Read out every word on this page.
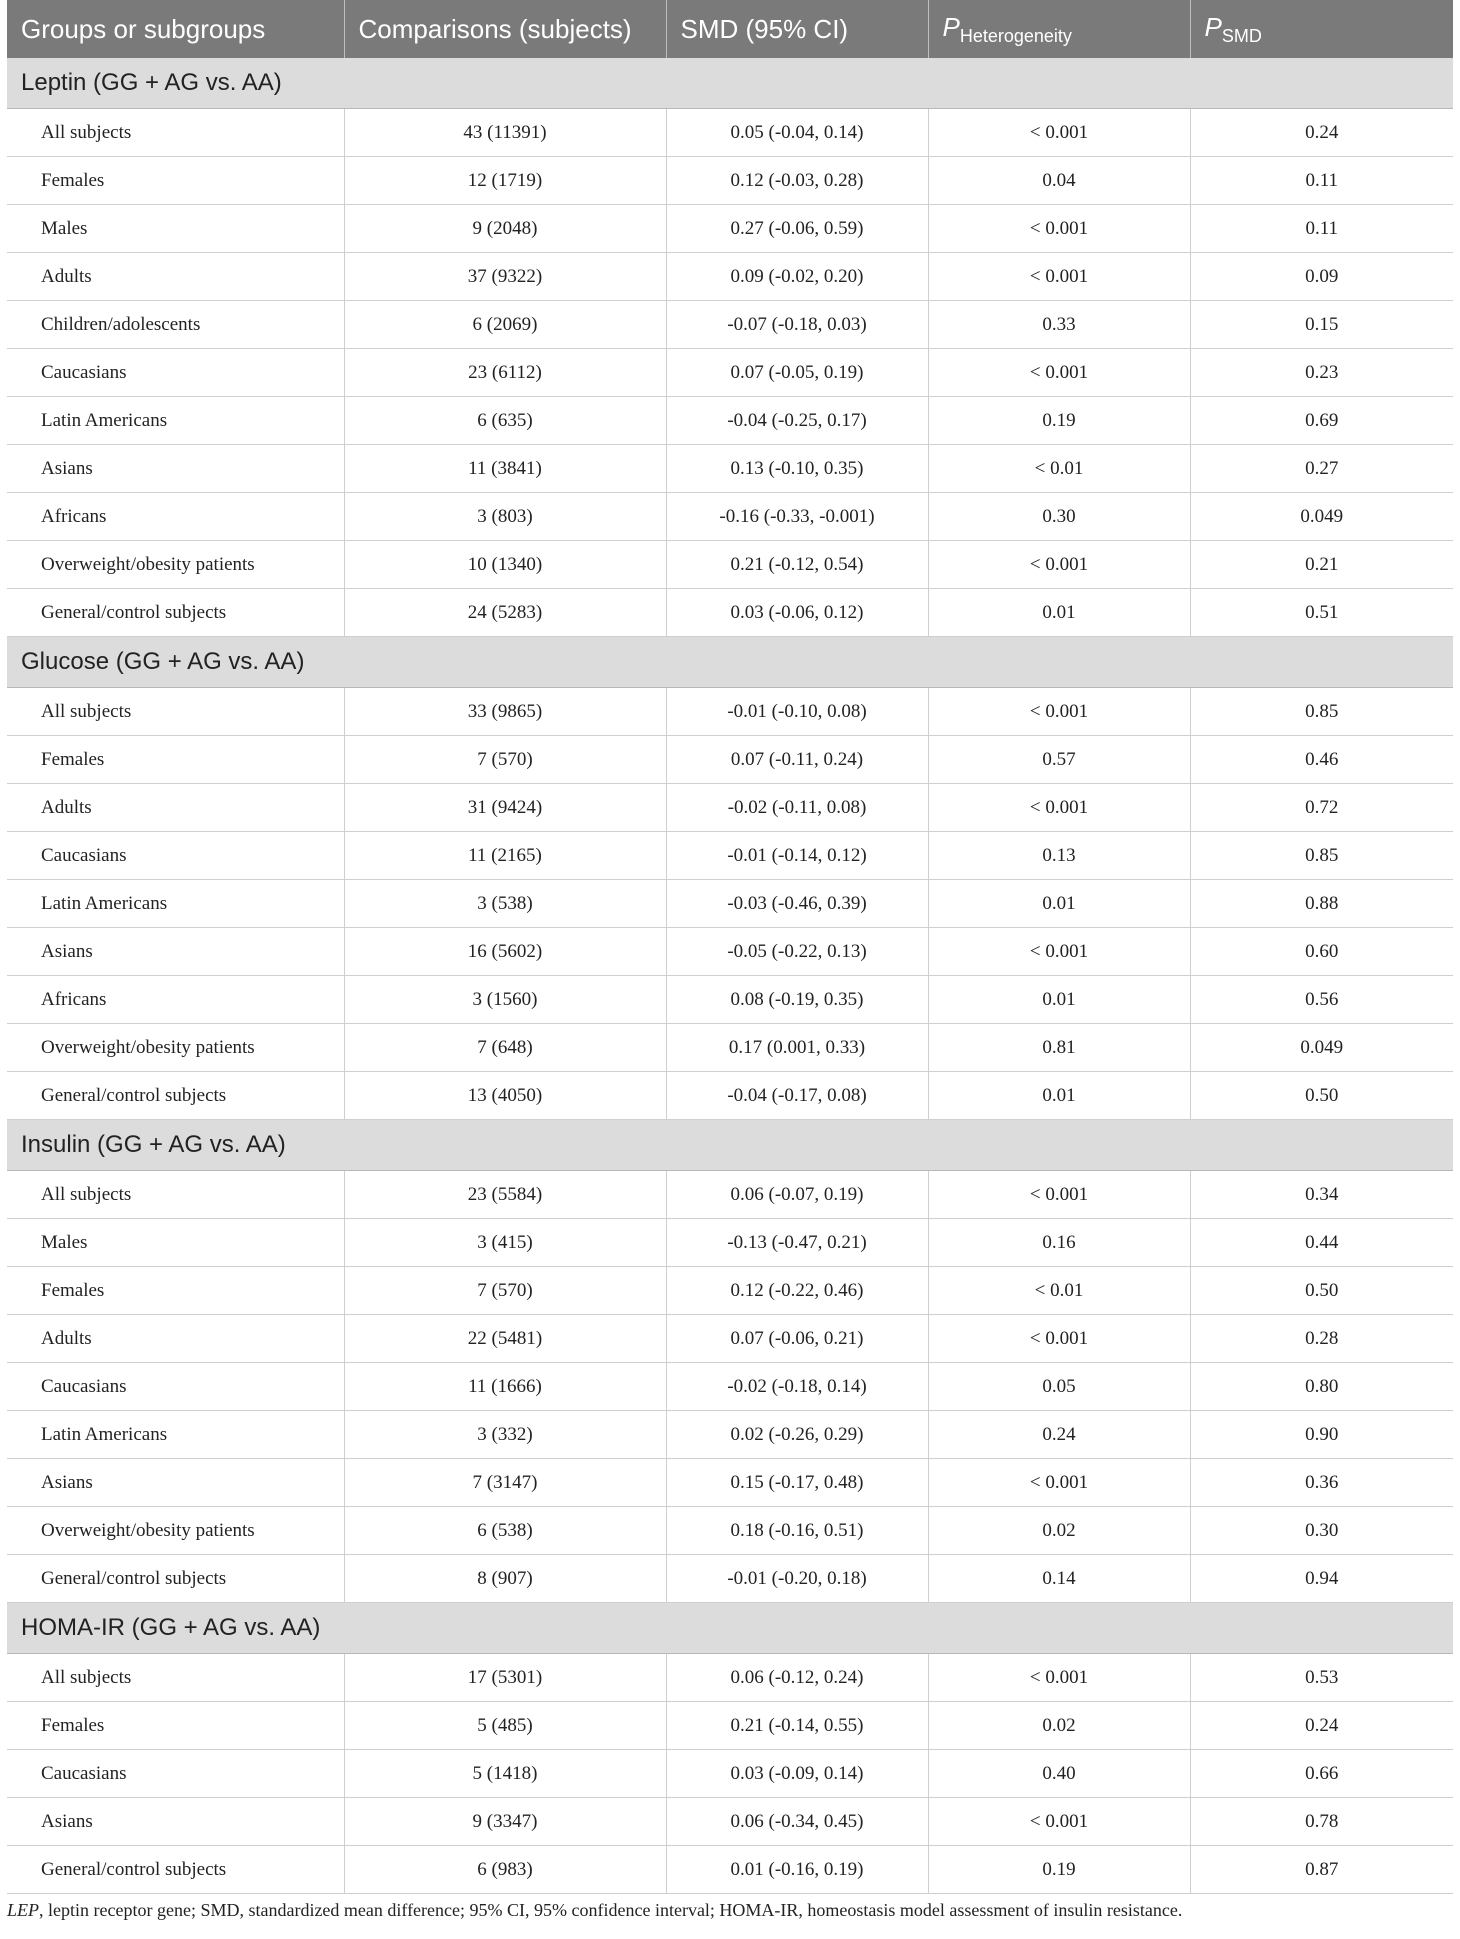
Groups or subgroups	Comparisons (subjects)	SMD (95% CI)	$P_{Heterogeneity}$	$P_{SMD}$
Leptin (GG + AG vs. AA)				
All subjects	43 (11391)	0.05 (-0.04, 0.14)	< 0.001	0.24
Females	12 (1719)	0.12 (-0.03, 0.28)	0.04	0.11
Males	9 (2048)	0.27 (-0.06, 0.59)	< 0.001	0.11
Adults	37 (9322)	0.09 (-0.02, 0.20)	< 0.001	0.09
Children/adolescents	6 (2069)	-0.07 (-0.18, 0.03)	0.33	0.15
Caucasians	23 (6112)	0.07 (-0.05, 0.19)	< 0.001	0.23
Latin Americans	6 (635)	-0.04 (-0.25, 0.17)	0.19	0.69
Asians	11 (3841)	0.13 (-0.10, 0.35)	< 0.01	0.27
Africans	3 (803)	-0.16 (-0.33, -0.001)	0.30	0.049
Overweight/obesity patients	10 (1340)	0.21 (-0.12, 0.54)	< 0.001	0.21
General/control subjects	24 (5283)	0.03 (-0.06, 0.12)	0.01	0.51
Glucose (GG + AG vs. AA)				
All subjects	33 (9865)	-0.01 (-0.10, 0.08)	< 0.001	0.85
Females	7 (570)	0.07 (-0.11, 0.24)	0.57	0.46
Adults	31 (9424)	-0.02 (-0.11, 0.08)	< 0.001	0.72
Caucasians	11 (2165)	-0.01 (-0.14, 0.12)	0.13	0.85
Latin Americans	3 (538)	-0.03 (-0.46, 0.39)	0.01	0.88
Asians	16 (5602)	-0.05 (-0.22, 0.13)	< 0.001	0.60
Africans	3 (1560)	0.08 (-0.19, 0.35)	0.01	0.56
Overweight/obesity patients	7 (648)	0.17 (0.001, 0.33)	0.81	0.049
General/control subjects	13 (4050)	-0.04 (-0.17, 0.08)	0.01	0.50
Insulin (GG + AG vs. AA)				
All subjects	23 (5584)	0.06 (-0.07, 0.19)	< 0.001	0.34
Males	3 (415)	-0.13 (-0.47, 0.21)	0.16	0.44
Females	7 (570)	0.12 (-0.22, 0.46)	< 0.01	0.50
Adults	22 (5481)	0.07 (-0.06, 0.21)	< 0.001	0.28
Caucasians	11 (1666)	-0.02 (-0.18, 0.14)	0.05	0.80
Latin Americans	3 (332)	0.02 (-0.26, 0.29)	0.24	0.90
Asians	7 (3147)	0.15 (-0.17, 0.48)	< 0.001	0.36
Overweight/obesity patients	6 (538)	0.18 (-0.16, 0.51)	0.02	0.30
General/control subjects	8 (907)	-0.01 (-0.20, 0.18)	0.14	0.94
HOMA-IR (GG + AG vs. AA)				
All subjects	17 (5301)	0.06 (-0.12, 0.24)	< 0.001	0.53
Females	5 (485)	0.21 (-0.14, 0.55)	0.02	0.24
Caucasians	5 (1418)	0.03 (-0.09, 0.14)	0.40	0.66
Asians	9 (3347)	0.06 (-0.34, 0.45)	< 0.001	0.78
General/control subjects	6 (983)	0.01 (-0.16, 0.19)	0.19	0.87
LEP, leptin receptor gene; SMD, standardized mean difference; 95% CI, 95% confidence interval; HOMA-IR, homeostasis model assessment of insulin resistance.
